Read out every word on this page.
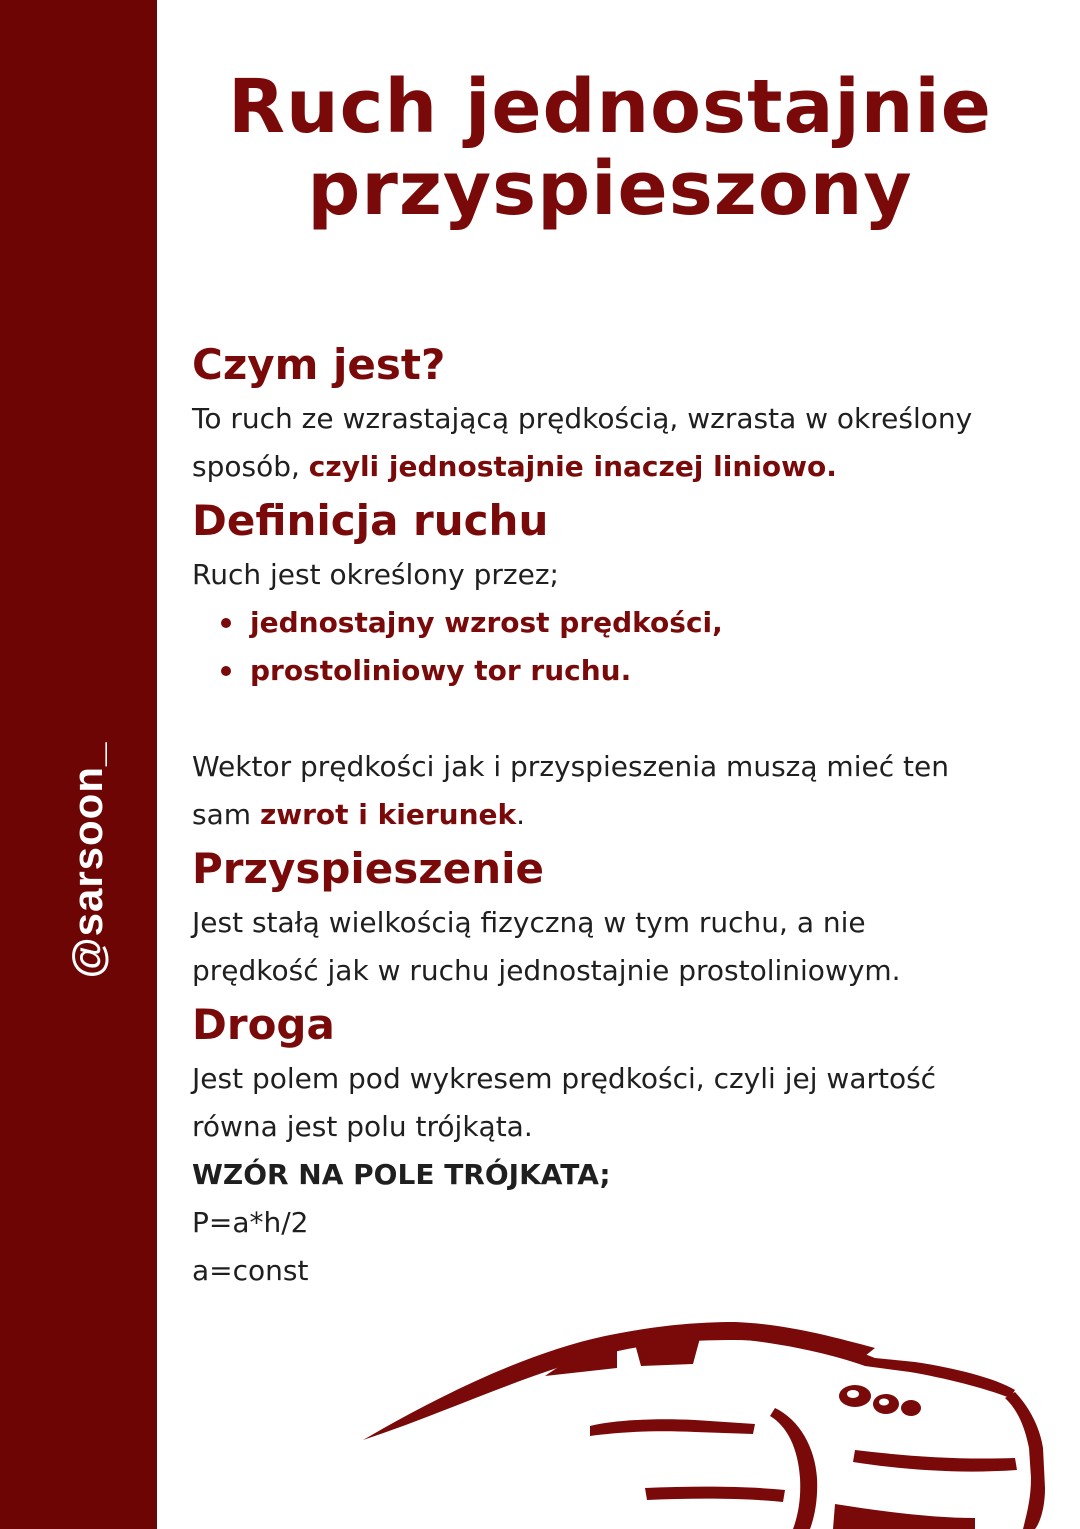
@sarsoon_
Ruch jednostajnie
przyspieszony
Czym jest?

To ruch ze wzrastającą prędkością, wzrasta w określony sposób, czyli jednostajnie inaczej liniowo.

Definicja ruchu

Ruch jest określony przez;

jednostajny wzrost prędkości,
prostoliniowy tor ruchu.

Wektor prędkości jak i przyspieszenia muszą mieć ten sam zwrot i kierunek.

Przyspieszenie

Jest stałą wielkością fizyczną w tym ruchu, a nie prędkość jak w ruchu jednostajnie prostoliniowym.

Droga

Jest polem pod wykresem prędkości, czyli jej wartość równa jest polu trójkąta.

WZÓR NA POLE TRÓJKATA;

P=a*h/2

a=const
